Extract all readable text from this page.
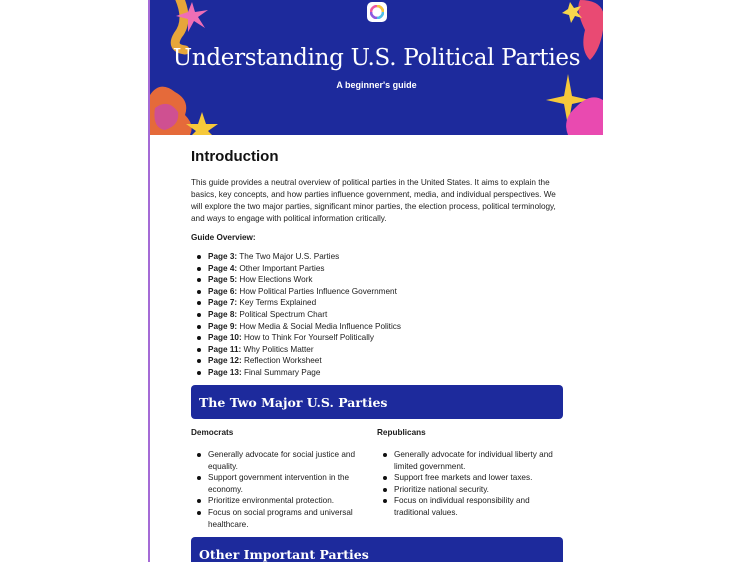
Understanding U.S. Political Parties
A beginner's guide
Introduction

This guide provides a neutral overview of political parties in the United States. It aims to explain the basics, key concepts, and how parties influence government, media, and individual perspectives. We will explore the two major parties, significant minor parties, the election process, political terminology, and ways to engage with political information critically.

Guide Overview:
Page 3: The Two Major U.S. Parties
Page 4: Other Important Parties
Page 5: How Elections Work
Page 6: How Political Parties Influence Government
Page 7: Key Terms Explained
Page 8: Political Spectrum Chart
Page 9: How Media & Social Media Influence Politics
Page 10: How to Think For Yourself Politically
Page 11: Why Politics Matter
Page 12: Reflection Worksheet
Page 13: Final Summary Page
The Two Major U.S. Parties
Democrats
Generally advocate for social justice and equality.
Support government intervention in the economy.
Prioritize environmental protection.
Focus on social programs and universal healthcare.
Republicans
Generally advocate for individual liberty and limited government.
Support free markets and lower taxes.
Prioritize national security.
Focus on individual responsibility and traditional values.
Other Important Parties
